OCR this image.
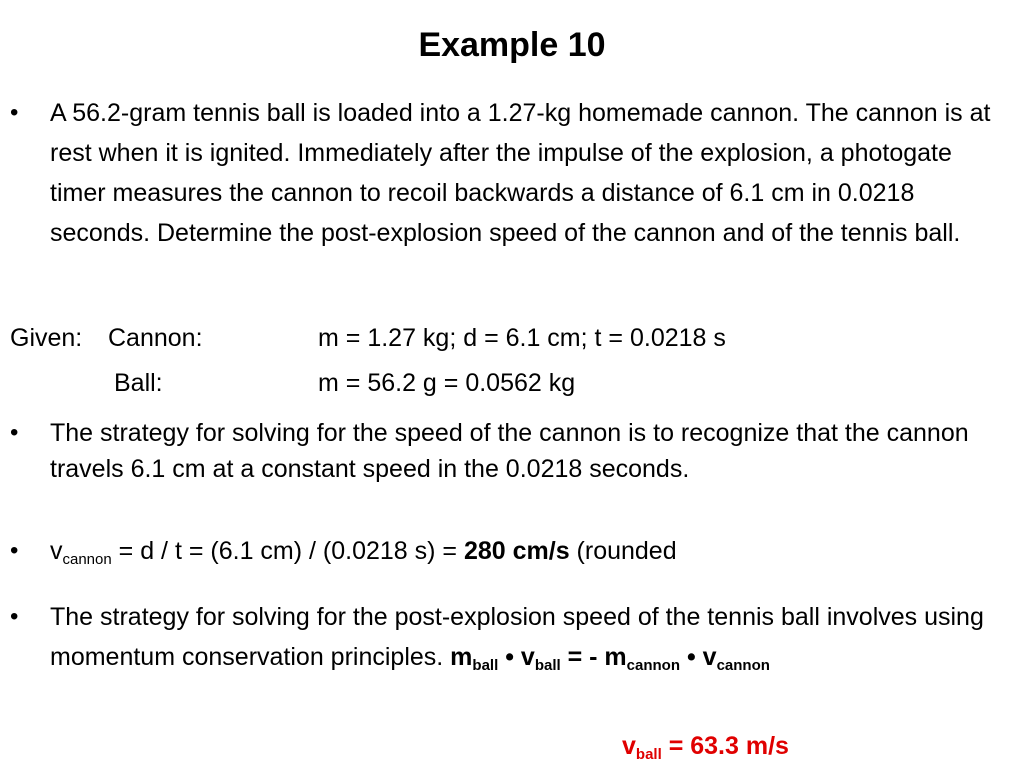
Example 10
• A 56.2-gram tennis ball is loaded into a 1.27-kg homemade cannon. The cannon is at rest when it is ignited. Immediately after the impulse of the explosion, a photogate timer measures the cannon to recoil backwards a distance of 6.1 cm in 0.0218 seconds. Determine the post-explosion speed of the cannon and of the tennis ball.
Given: Cannon:	m = 1.27 kg; d = 6.1 cm; t = 0.0218 s
Ball:	m = 56.2 g = 0.0562 kg
• The strategy for solving for the speed of the cannon is to recognize that the cannon travels 6.1 cm at a constant speed in the 0.0218 seconds.
• $v_{cannon} = d / t = (6.1$ cm) / (0.0218 s) = 280 cm/s (rounded
• The strategy for solving for the post-explosion speed of the tennis ball involves using momentum conservation principles. $m_{ball}$ • $v_{ball}$ = - $m_{cannon}$ • $v_{cannon}$
$v_{ball} = 63.3$ m/s
